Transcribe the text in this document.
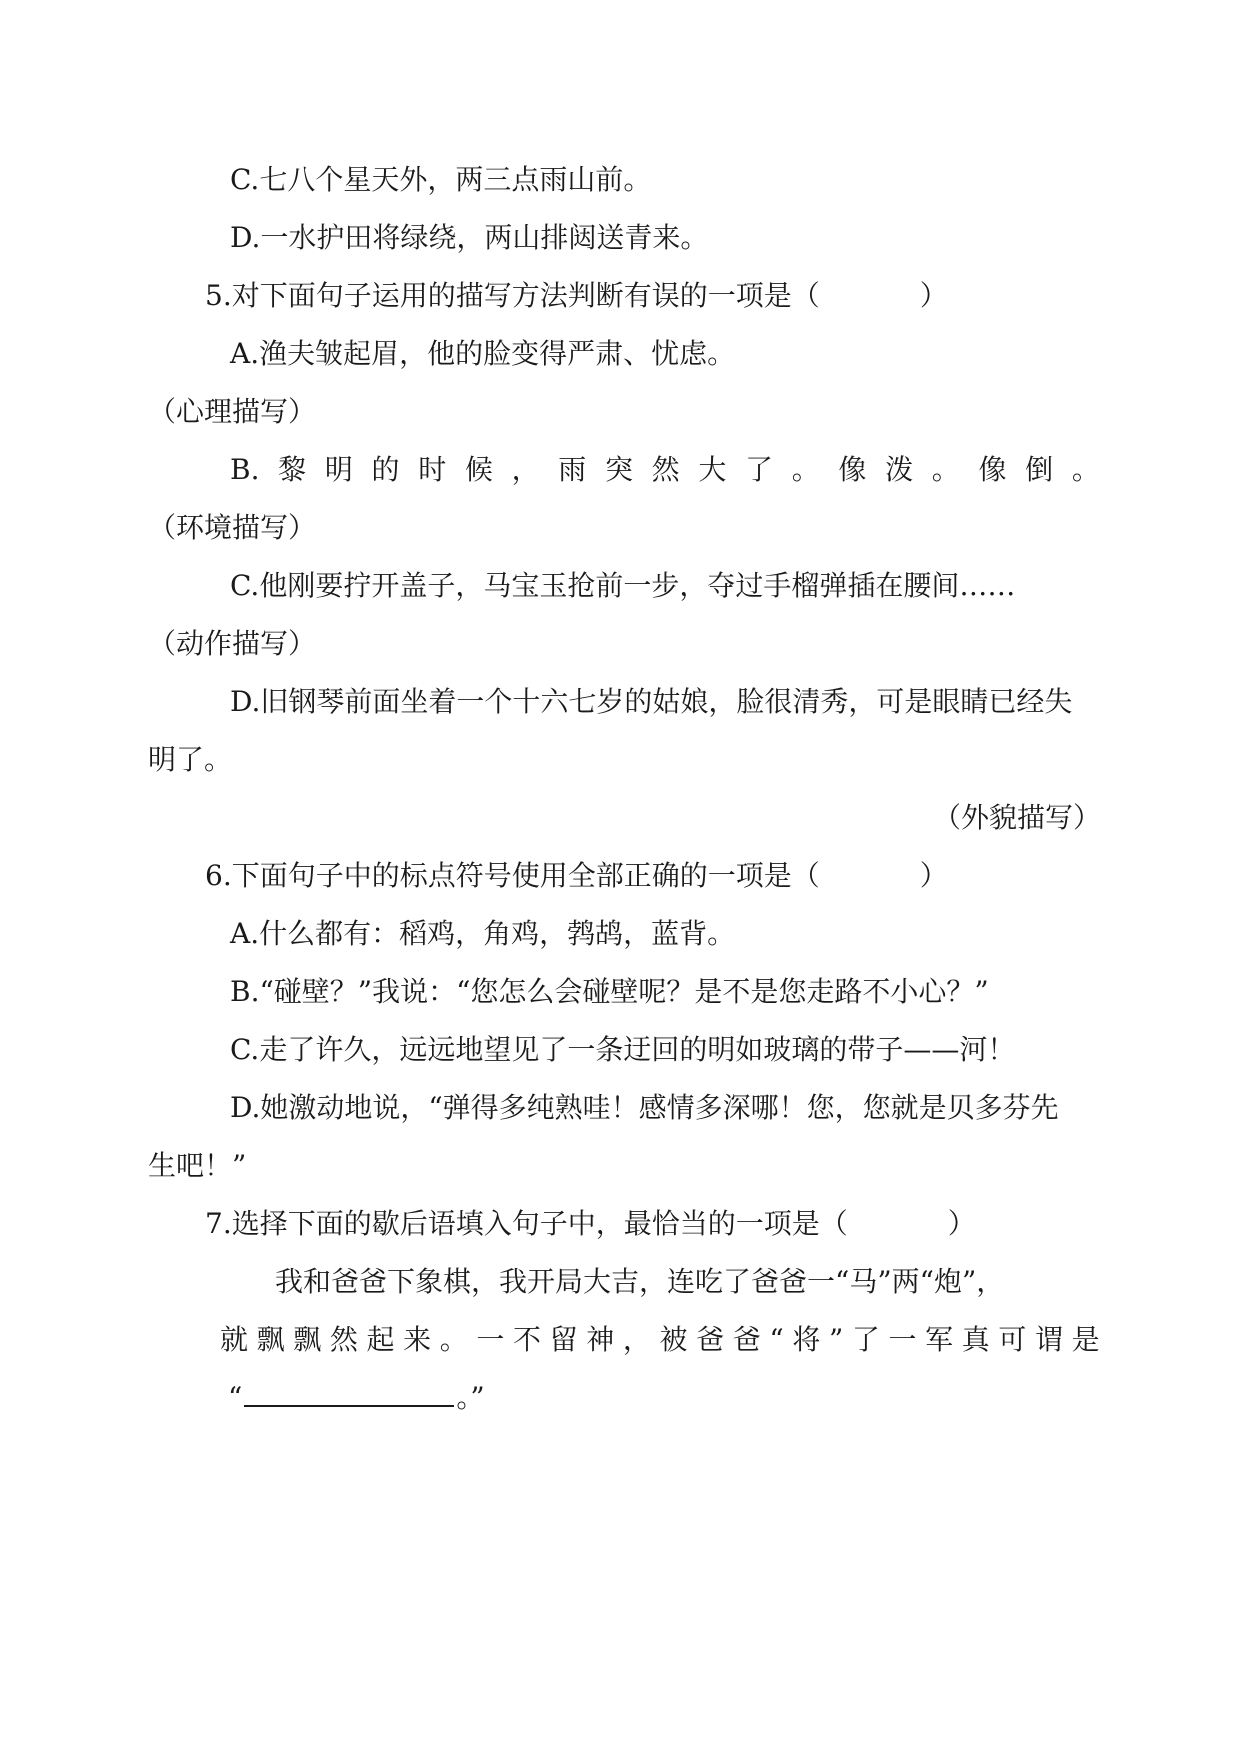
C.七八个星天外，两三点雨山前。
D.一水护田将绿绕，两山排闼送青来。
5.对下面句子运用的描写方法判断有误的一项是（	）
A.渔夫皱起眉，他的脸变得严肃、忧虑。
（心理描写）
B. 黎 明 的 时 候 ， 雨 突 然 大 了 。 像 泼 。 像 倒 。
（环境描写）
C.他刚要拧开盖子，马宝玉抢前一步，夺过手榴弹插在腰间……
（动作描写）
D.旧钢琴前面坐着一个十六七岁的姑娘，脸很清秀，可是眼睛已经失
明了。
（外貌描写）
6.下面句子中的标点符号使用全部正确的一项是（	）
A.什么都有：稻鸡，角鸡，鹁鸪，蓝背。
B.“碰壁？”我说：“您怎么会碰壁呢？是不是您走路不小心？”
C.走了许久，远远地望见了一条迂回的明如玻璃的带子——河！
D.她激动地说，“弹得多纯熟哇！感情多深哪！您，您就是贝多芬先
生吧！”
7.选择下面的歇后语填入句子中，最恰当的一项是（	）
我和爸爸下象棋，我开局大吉，连吃了爸爸一“马”两“炮”，
就 飘 飘 然 起 来 。 一 不 留 神 ， 被 爸 爸 “ 将 ” 了 一 军 真 可 谓 是
“	。”
